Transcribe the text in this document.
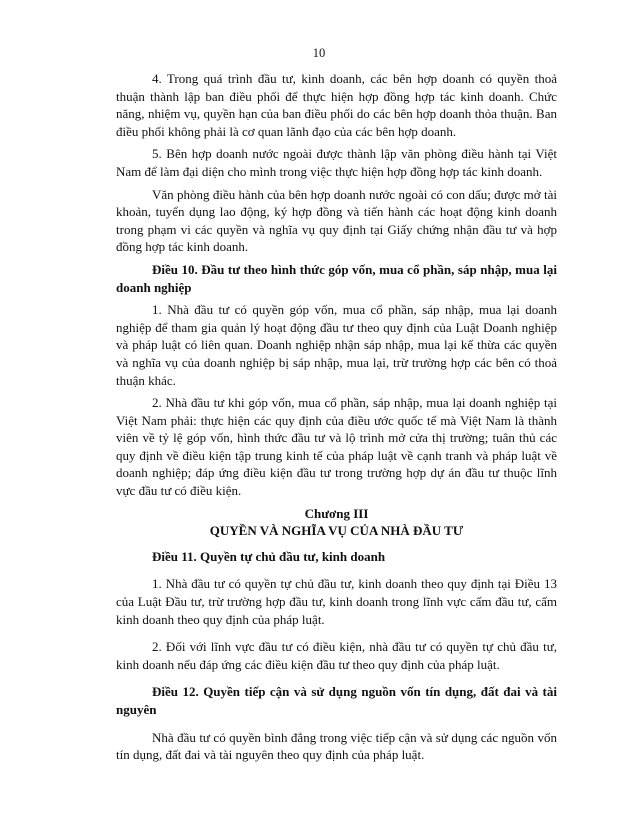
10

4. Trong quá trình đầu tư, kinh doanh, các bên hợp doanh có quyền thoả thuận thành lập ban điều phối để thực hiện hợp đồng hợp tác kinh doanh. Chức năng, nhiệm vụ, quyền hạn của ban điều phối do các bên hợp doanh thỏa thuận. Ban điều phối không phải là cơ quan lãnh đạo của các bên hợp doanh.

5. Bên hợp doanh nước ngoài được thành lập văn phòng điều hành tại Việt Nam để làm đại diện cho mình trong việc thực hiện hợp đồng hợp tác kinh doanh.

Văn phòng điều hành của bên hợp doanh nước ngoài có con dấu; được mở tài khoản, tuyển dụng lao động, ký hợp đồng và tiến hành các hoạt động kinh doanh trong phạm vi các quyền và nghĩa vụ quy định tại Giấy chứng nhận đầu tư và hợp đồng hợp tác kinh doanh.

Điều 10. Đầu tư theo hình thức góp vốn, mua cổ phần, sáp nhập, mua lại doanh nghiệp

1. Nhà đầu tư có quyền góp vốn, mua cổ phần, sáp nhập, mua lại doanh nghiệp để tham gia quản lý hoạt động đầu tư theo quy định của Luật Doanh nghiệp và pháp luật có liên quan. Doanh nghiệp nhận sáp nhập, mua lại kế thừa các quyền và nghĩa vụ của doanh nghiệp bị sáp nhập, mua lại, trừ trường hợp các bên có thoả thuận khác.

2. Nhà đầu tư khi góp vốn, mua cổ phần, sáp nhập, mua lại doanh nghiệp tại Việt Nam phải: thực hiện các quy định của điều ước quốc tế mà Việt Nam là thành viên về tỷ lệ góp vốn, hình thức đầu tư và lộ trình mở cửa thị trường; tuân thủ các quy định về điều kiện tập trung kinh tế của pháp luật về cạnh tranh và pháp luật về doanh nghiệp; đáp ứng điều kiện đầu tư trong trường hợp dự án đầu tư thuộc lĩnh vực đầu tư có điều kiện.

Chương III
QUYỀN VÀ NGHĨA VỤ CỦA NHÀ ĐẦU TƯ

Điều 11. Quyền tự chủ đầu tư, kinh doanh

1. Nhà đầu tư có quyền tự chủ đầu tư, kinh doanh theo quy định tại Điều 13 của Luật Đầu tư, trừ trường hợp đầu tư, kinh doanh trong lĩnh vực cấm đầu tư, cấm kinh doanh theo quy định của pháp luật.

2. Đối với lĩnh vực đầu tư có điều kiện, nhà đầu tư có quyền tự chủ đầu tư, kinh doanh nếu đáp ứng các điều kiện đầu tư theo quy định của pháp luật.

Điều 12. Quyền tiếp cận và sử dụng nguồn vốn tín dụng, đất đai và tài nguyên

Nhà đầu tư có quyền bình đẳng trong việc tiếp cận và sử dụng các nguồn vốn tín dụng, đất đai và tài nguyên theo quy định của pháp luật.
